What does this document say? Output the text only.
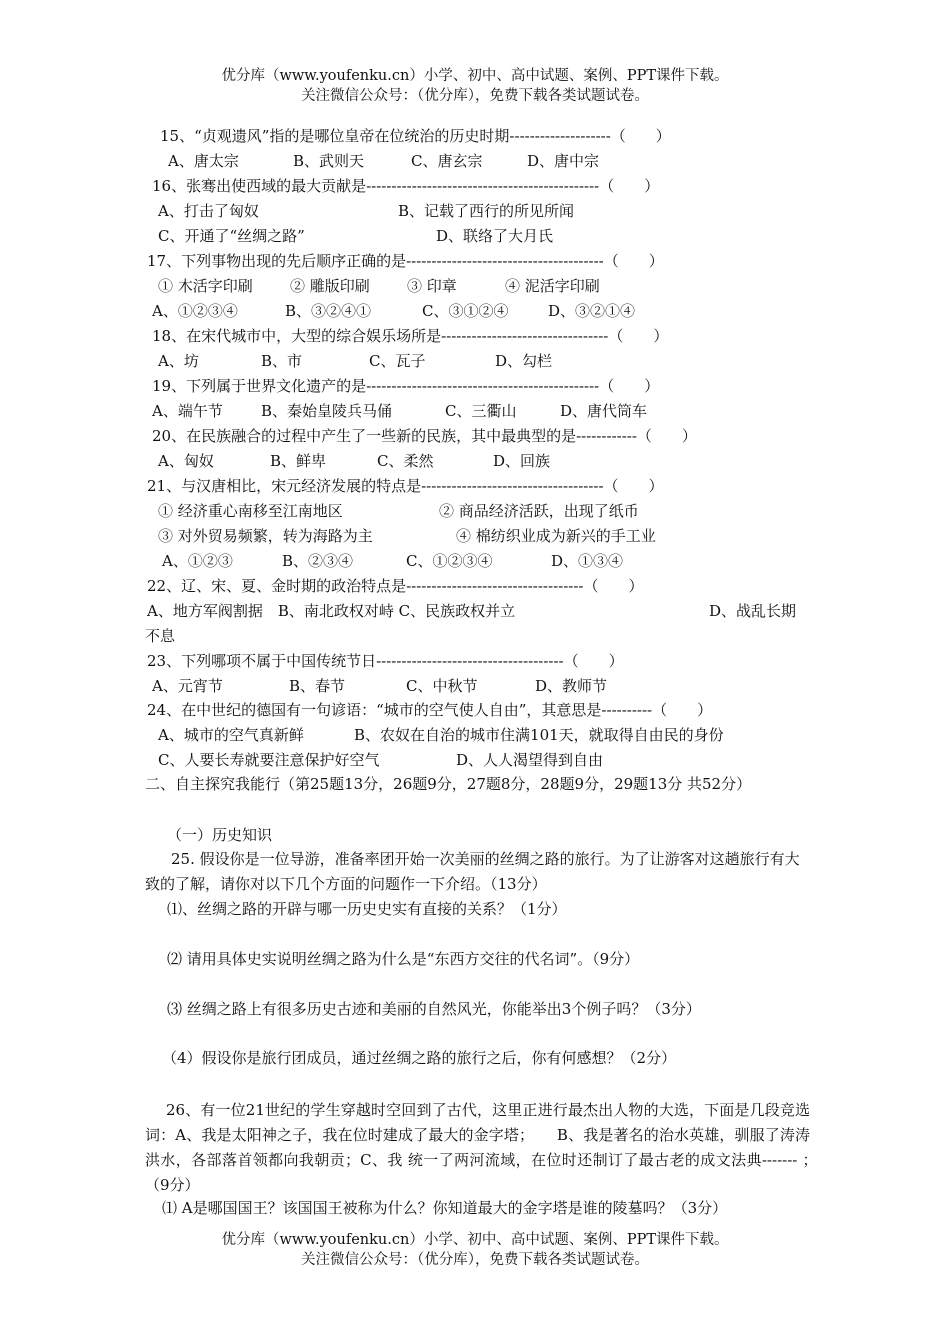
优分库（www.youfenku.cn）小学、初中、高中试题、案例、PPT课件下载。
关注微信公众号：（优分库），免费下载各类试题试卷。
15、“贞观遗风”指的是哪位皇帝在位统治的历史时期--------------------（　　）
A、唐太宗	B、武则天	C、唐玄宗	D、唐中宗
16、张骞出使西域的最大贡献是----------------------------------------------（　　）
A、打击了匈奴	B、记载了西行的所见所闻
C、开通了“丝绸之路”	D、联络了大月氏
17、下列事物出现的先后顺序正确的是---------------------------------------（　　）
① 木活字印刷 ② 雕版印刷 ③ 印章	④ 泥活字印刷
A、①②③④	B、③②④①	C、③①②④	D、③②①④
18、在宋代城市中，大型的综合娱乐场所是---------------------------------（　　）
A、坊	B、市	C、瓦子	D、勾栏
19、下列属于世界文化遗产的是----------------------------------------------（　　）
A、端午节	B、秦始皇陵兵马俑	C、三衢山	D、唐代筒车
20、在民族融合的过程中产生了一些新的民族，其中最典型的是------------（　　）
A、匈奴	B、鲜卑	C、柔然	D、回族
21、与汉唐相比，宋元经济发展的特点是------------------------------------（　　）
① 经济重心南移至江南地区	② 商品经济活跃，出现了纸币
③ 对外贸易频繁，转为海路为主	④ 棉纺织业成为新兴的手工业
A、①②③	B、②③④	C、①②③④	D、①③④
22、辽、宋、夏、金时期的政治特点是-----------------------------------（　　）
A、地方军阀割据　B、南北政权对峙 C、民族政权并立	D、战乱长期
不息
23、下列哪项不属于中国传统节日-------------------------------------（　　）
A、元宵节	B、春节	C、中秋节	D、教师节
24、在中世纪的德国有一句谚语：“城市的空气使人自由”，其意思是----------（　　）
A、城市的空气真新鲜	B、农奴在自治的城市住满101天，就取得自由民的身份
C、人要长寿就要注意保护好空气	D、人人渴望得到自由
二、自主探究我能行（第25题13分，26题9分，27题8分，28题9分，29题13分 共52分）
（一）历史知识
25. 假设你是一位导游，准备率团开始一次美丽的丝绸之路的旅行。为了让游客对这趟旅行有大致的了解，请你对以下几个方面的问题作一下介绍。（13分）
⑴、丝绸之路的开辟与哪一历史史实有直接的关系？（1分）
⑵ 请用具体史实说明丝绸之路为什么是“东西方交往的代名词”。（9分）
⑶ 丝绸之路上有很多历史古迹和美丽的自然风光，你能举出3个例子吗？（3分）
（4）假设你是旅行团成员，通过丝绸之路的旅行之后，你有何感想？（2分）
26、有一位21世纪的学生穿越时空回到了古代，这里正进行最杰出人物的大选，下面是几段竞选词：A、我是太阳神之子，我在位时建成了最大的金字塔；　　B、我是著名的治水英雄，驯服了涛涛洪水，各部落首领都向我朝贡；C、我 统一了两河流域，在位时还制订了最古老的成文法典------- ；　（9分）
⑴ A是哪国国王？该国国王被称为什么？你知道最大的金字塔是谁的陵墓吗？（3分）
优分库（www.youfenku.cn）小学、初中、高中试题、案例、PPT课件下载。
关注微信公众号：（优分库），免费下载各类试题试卷。
